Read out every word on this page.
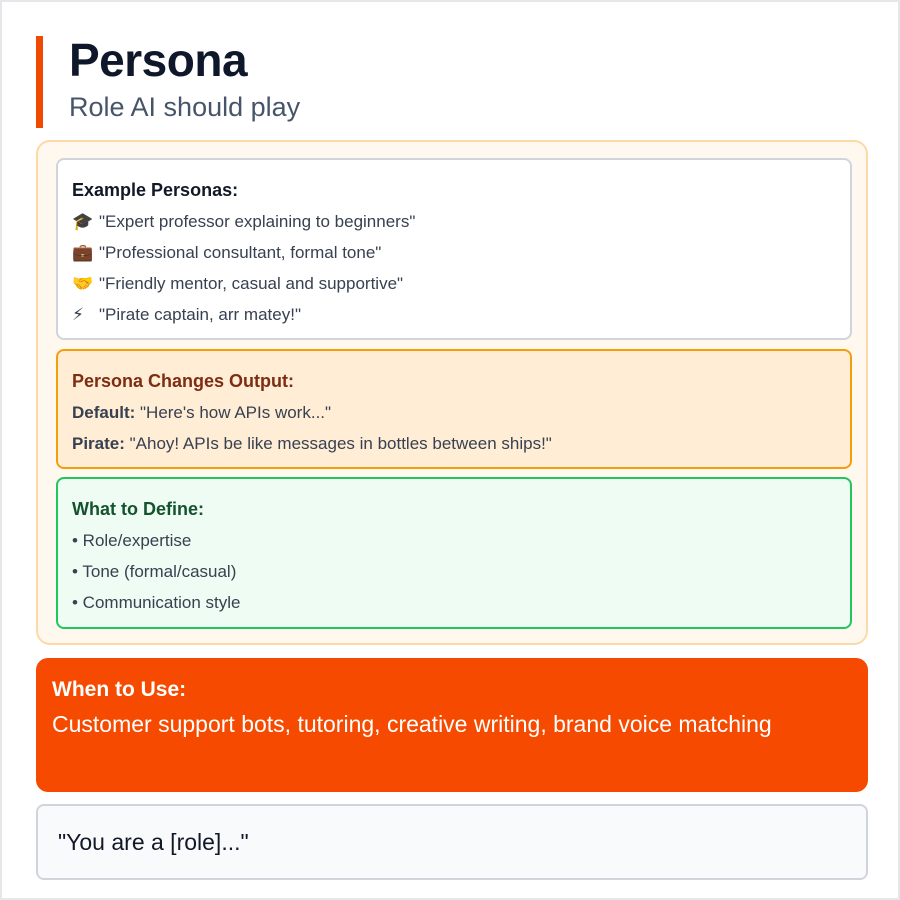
Persona
Role AI should play
Example Personas:
🎓 "Expert professor explaining to beginners"
💼 "Professional consultant, formal tone"
🤝 "Friendly mentor, casual and supportive"
⚡ "Pirate captain, arr matey!"
Persona Changes Output:
Default: "Here's how APIs work..."
Pirate: "Ahoy! APIs be like messages in bottles between ships!"
What to Define:
• Role/expertise
• Tone (formal/casual)
• Communication style
When to Use:
Customer support bots, tutoring, creative writing, brand voice matching
"You are a [role]..."
